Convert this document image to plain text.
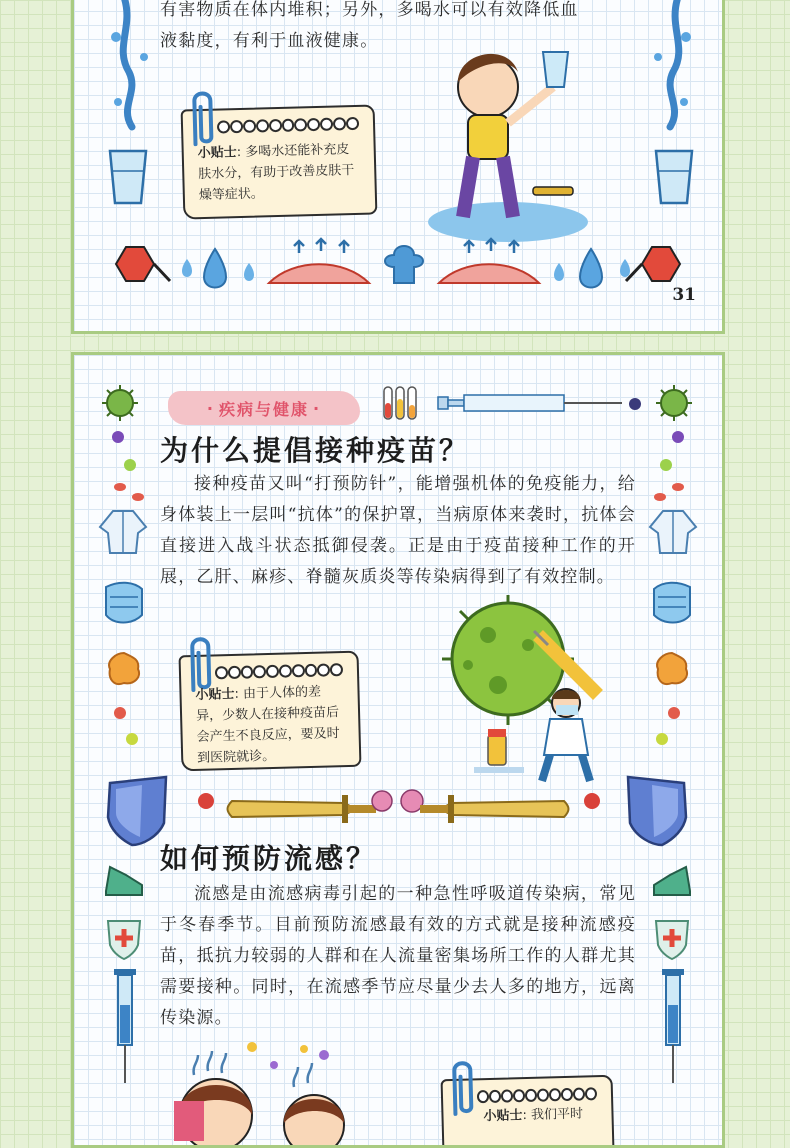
有害物质在体内堆积；另外，多喝水可以有效降低血
液黏度，有利于血液健康。
小贴士: 多喝水还能补充皮肤水分，有助于改善皮肤干燥等症状。
31
· 疾病与健康 ·
为什么提倡接种疫苗？
接种疫苗又叫“打预防针”，能增强机体的免疫能力，给身体装上一层叫“抗体”的保护罩，当病原体来袭时，抗体会直接进入战斗状态抵御侵袭。正是由于疫苗接种工作的开展，乙肝、麻疹、脊髓灰质炎等传染病得到了有效控制。
小贴士: 由于人体的差异，少数人在接种疫苗后会产生不良反应，要及时到医院就诊。
如何预防流感？
流感是由流感病毒引起的一种急性呼吸道传染病，常见于冬春季节。目前预防流感最有效的方式就是接种流感疫苗，抵抗力较弱的人群和在人流量密集场所工作的人群尤其需要接种。同时，在流感季节应尽量少去人多的地方，远离传染源。
小贴士: 我们平时
